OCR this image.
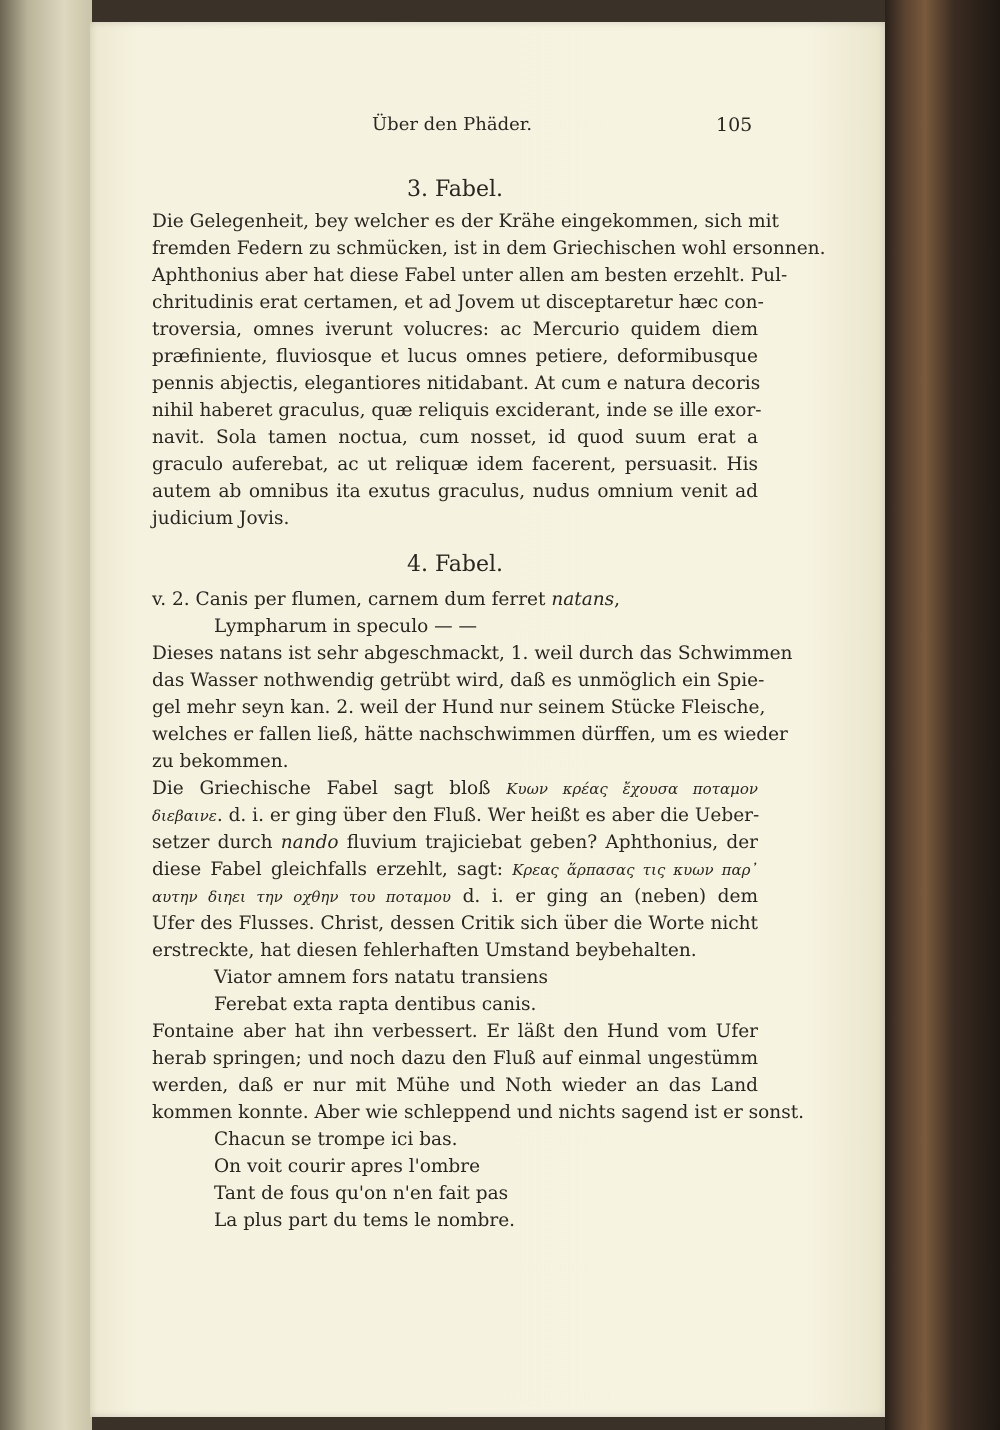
Über den Phäder.	105
3. Fabel.
Die Gelegenheit, bey welcher es der Krähe eingekommen, sich mit
fremden Federn zu schmücken, ist in dem Griechischen wohl ersonnen.
Aphthonius aber hat diese Fabel unter allen am besten erzehlt. Pul-
chritudinis erat certamen, et ad Jovem ut disceptaretur hæc con-
troversia, omnes iverunt volucres: ac Mercurio quidem diem
præfiniente, fluviosque et lucus omnes petiere, deformibusque
pennis abjectis, elegantiores nitidabant. At cum e natura decoris
nihil haberet graculus, quæ reliquis exciderant, inde se ille exor-
navit. Sola tamen noctua, cum nosset, id quod suum erat a
graculo auferebat, ac ut reliquæ idem facerent, persuasit. His
autem ab omnibus ita exutus graculus, nudus omnium venit ad
judicium Jovis.
4. Fabel.
v. 2. Canis per flumen, carnem dum ferret natans,
Lympharum in speculo — —
Dieses natans ist sehr abgeschmackt, 1. weil durch das Schwimmen
das Wasser nothwendig getrübt wird, daß es unmöglich ein Spie-
gel mehr seyn kan. 2. weil der Hund nur seinem Stücke Fleische,
welches er fallen ließ, hätte nachschwimmen dürffen, um es wieder
zu bekommen.
Die Griechische Fabel sagt bloß Κυων κρέας ἔχουσα ποταμον
διεβαινε. d. i. er ging über den Fluß. Wer heißt es aber die Ueber-
setzer durch nando fluvium trajiciebat geben? Aphthonius, der
diese Fabel gleichfalls erzehlt, sagt: Κρεας ἅρπασας τις κυων παρ᾽
αυτην διηει την οχθην του ποταμου d. i. er ging an (neben) dem
Ufer des Flusses. Christ, dessen Critik sich über die Worte nicht
erstreckte, hat diesen fehlerhaften Umstand beybehalten.
Viator amnem fors natatu transiens
Ferebat exta rapta dentibus canis.
Fontaine aber hat ihn verbessert. Er läßt den Hund vom Ufer
herab springen; und noch dazu den Fluß auf einmal ungestümm
werden, daß er nur mit Mühe und Noth wieder an das Land
kommen konnte. Aber wie schleppend und nichts sagend ist er sonst.
Chacun se trompe ici bas.
On voit courir apres l'ombre
Tant de fous qu'on n'en fait pas
La plus part du tems le nombre.
